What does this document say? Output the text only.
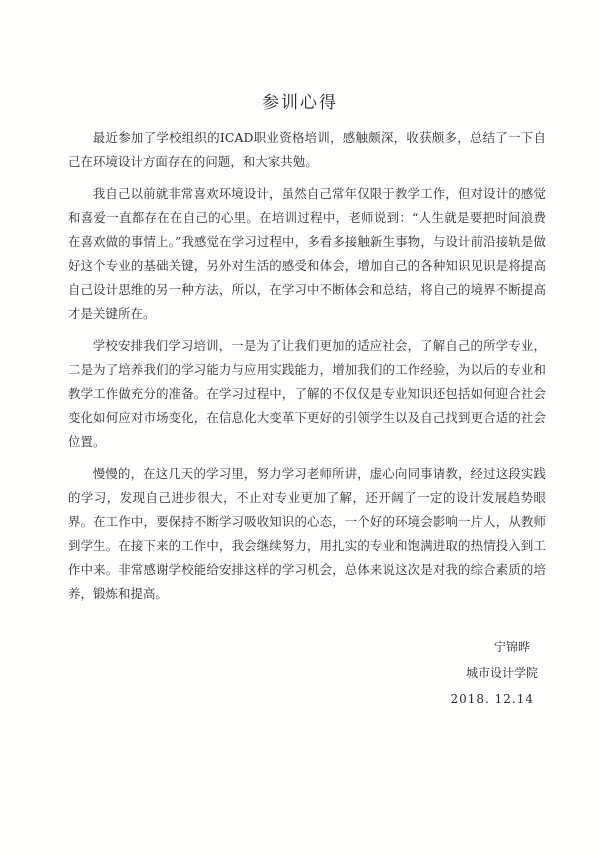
参训心得

最近参加了学校组织的ICAD职业资格培训，感触颇深，收获颇多，总结了一下自己在环境设计方面存在的问题，和大家共勉。

我自己以前就非常喜欢环境设计，虽然自己常年仅限于教学工作，但对设计的感觉和喜爱一直都存在在自己的心里。在培训过程中，老师说到：“人生就是要把时间浪费在喜欢做的事情上。”我感觉在学习过程中，多看多接触新生事物，与设计前沿接轨是做好这个专业的基础关键，另外对生活的感受和体会，增加自己的各种知识见识是将提高自己设计思维的另一种方法，所以，在学习中不断体会和总结，将自己的境界不断提高才是关键所在。

学校安排我们学习培训，一是为了让我们更加的适应社会，了解自己的所学专业，二是为了培养我们的学习能力与应用实践能力，增加我们的工作经验，为以后的专业和教学工作做充分的准备。在学习过程中，了解的不仅仅是专业知识还包括如何迎合社会变化如何应对市场变化，在信息化大变革下更好的引领学生以及自己找到更合适的社会位置。

慢慢的，在这几天的学习里，努力学习老师所讲，虚心向同事请教，经过这段实践的学习，发现自己进步很大，不止对专业更加了解，还开阔了一定的设计发展趋势眼界。在工作中，要保持不断学习吸收知识的心态，一个好的环境会影响一片人，从教师到学生。在接下来的工作中，我会继续努力，用扎实的专业和饱满进取的热情投入到工作中来。非常感谢学校能给安排这样的学习机会，总体来说这次是对我的综合素质的培养，锻炼和提高。

宁锦晔
城市设计学院
2018. 12.14
